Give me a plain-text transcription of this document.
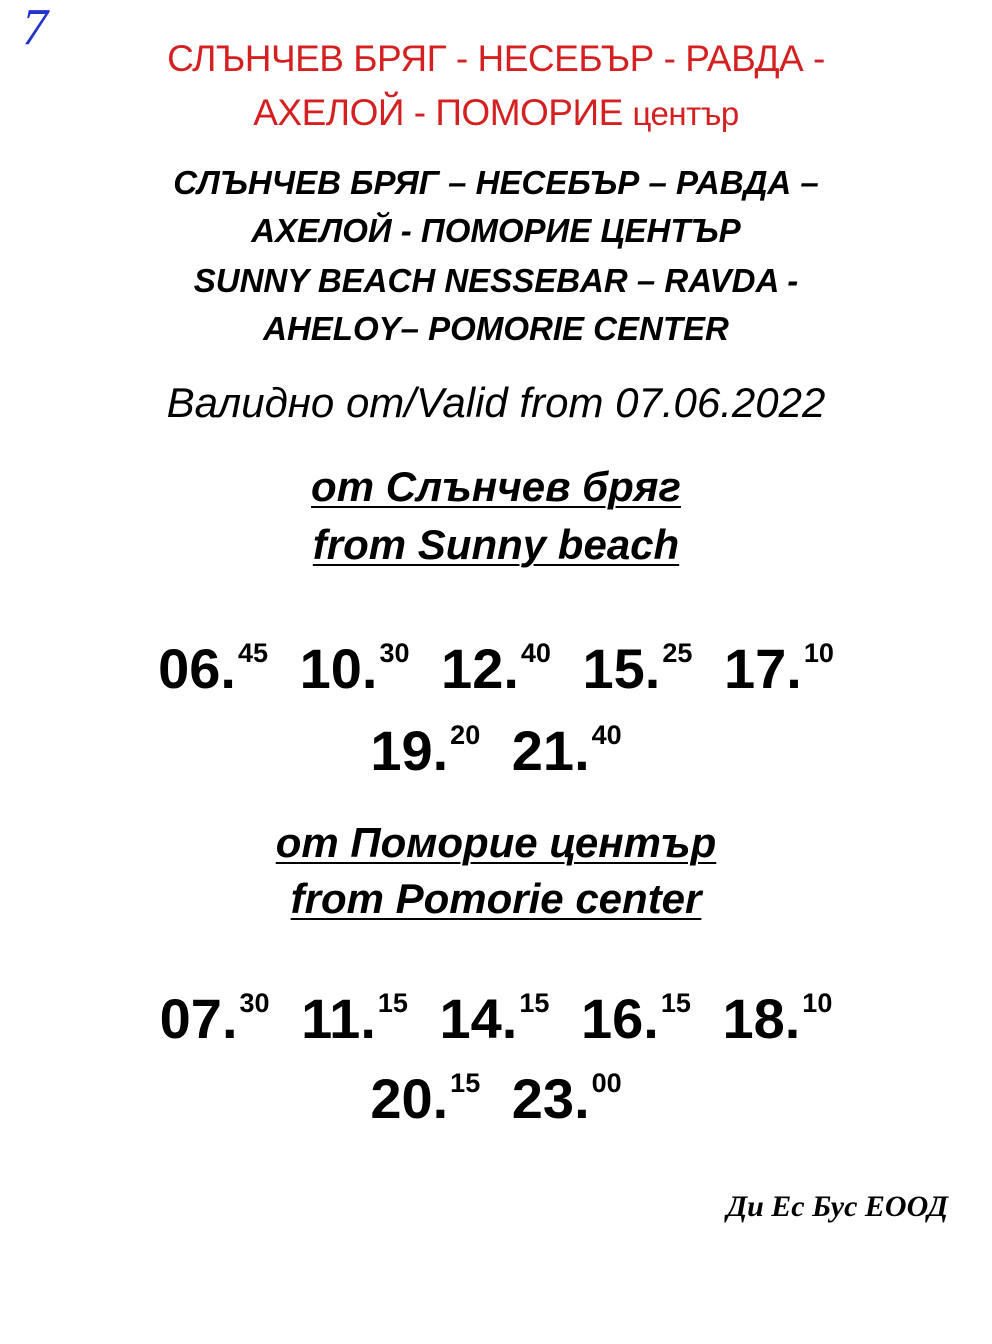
7
СЛЪНЧЕВ БРЯГ - НЕСЕБЪР - РАВДА -
АХЕЛОЙ - ПОМОРИЕ център
СЛЪНЧЕВ БРЯГ – НЕСЕБЪР – РАВДА –
АХЕЛОЙ - ПОМОРИЕ ЦЕНТЪР
SUNNY BEACH NESSEBAR – RAVDA -
AHELOY– POMORIE CENTER
Валидно от/Valid from 07.06.2022
от Слънчев бряг
from Sunny beach
06.45 10.30 12.40 15.25 17.10
19.20 21.40
от Поморие център
from Pomorie center
07.30 11.15 14.15 16.15 18.10
20.15 23.00
Ди Ес Бус ЕООД
